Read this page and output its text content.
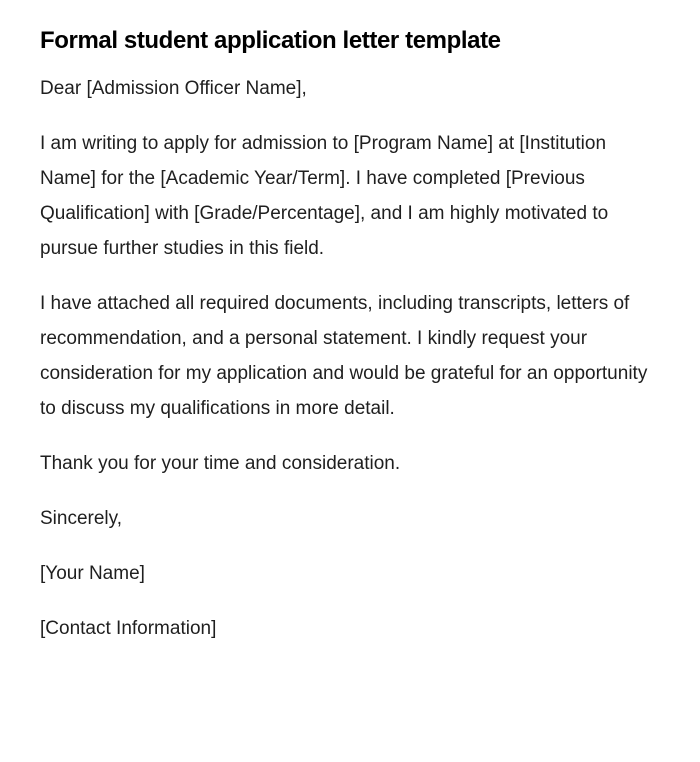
Formal student application letter template

Dear [Admission Officer Name],

I am writing to apply for admission to [Program Name] at [Institution Name] for the [Academic Year/Term]. I have completed [Previous Qualification] with [Grade/Percentage], and I am highly motivated to pursue further studies in this field.

I have attached all required documents, including transcripts, letters of recommendation, and a personal statement. I kindly request your consideration for my application and would be grateful for an opportunity to discuss my qualifications in more detail.

Thank you for your time and consideration.

Sincerely,

[Your Name]

[Contact Information]
